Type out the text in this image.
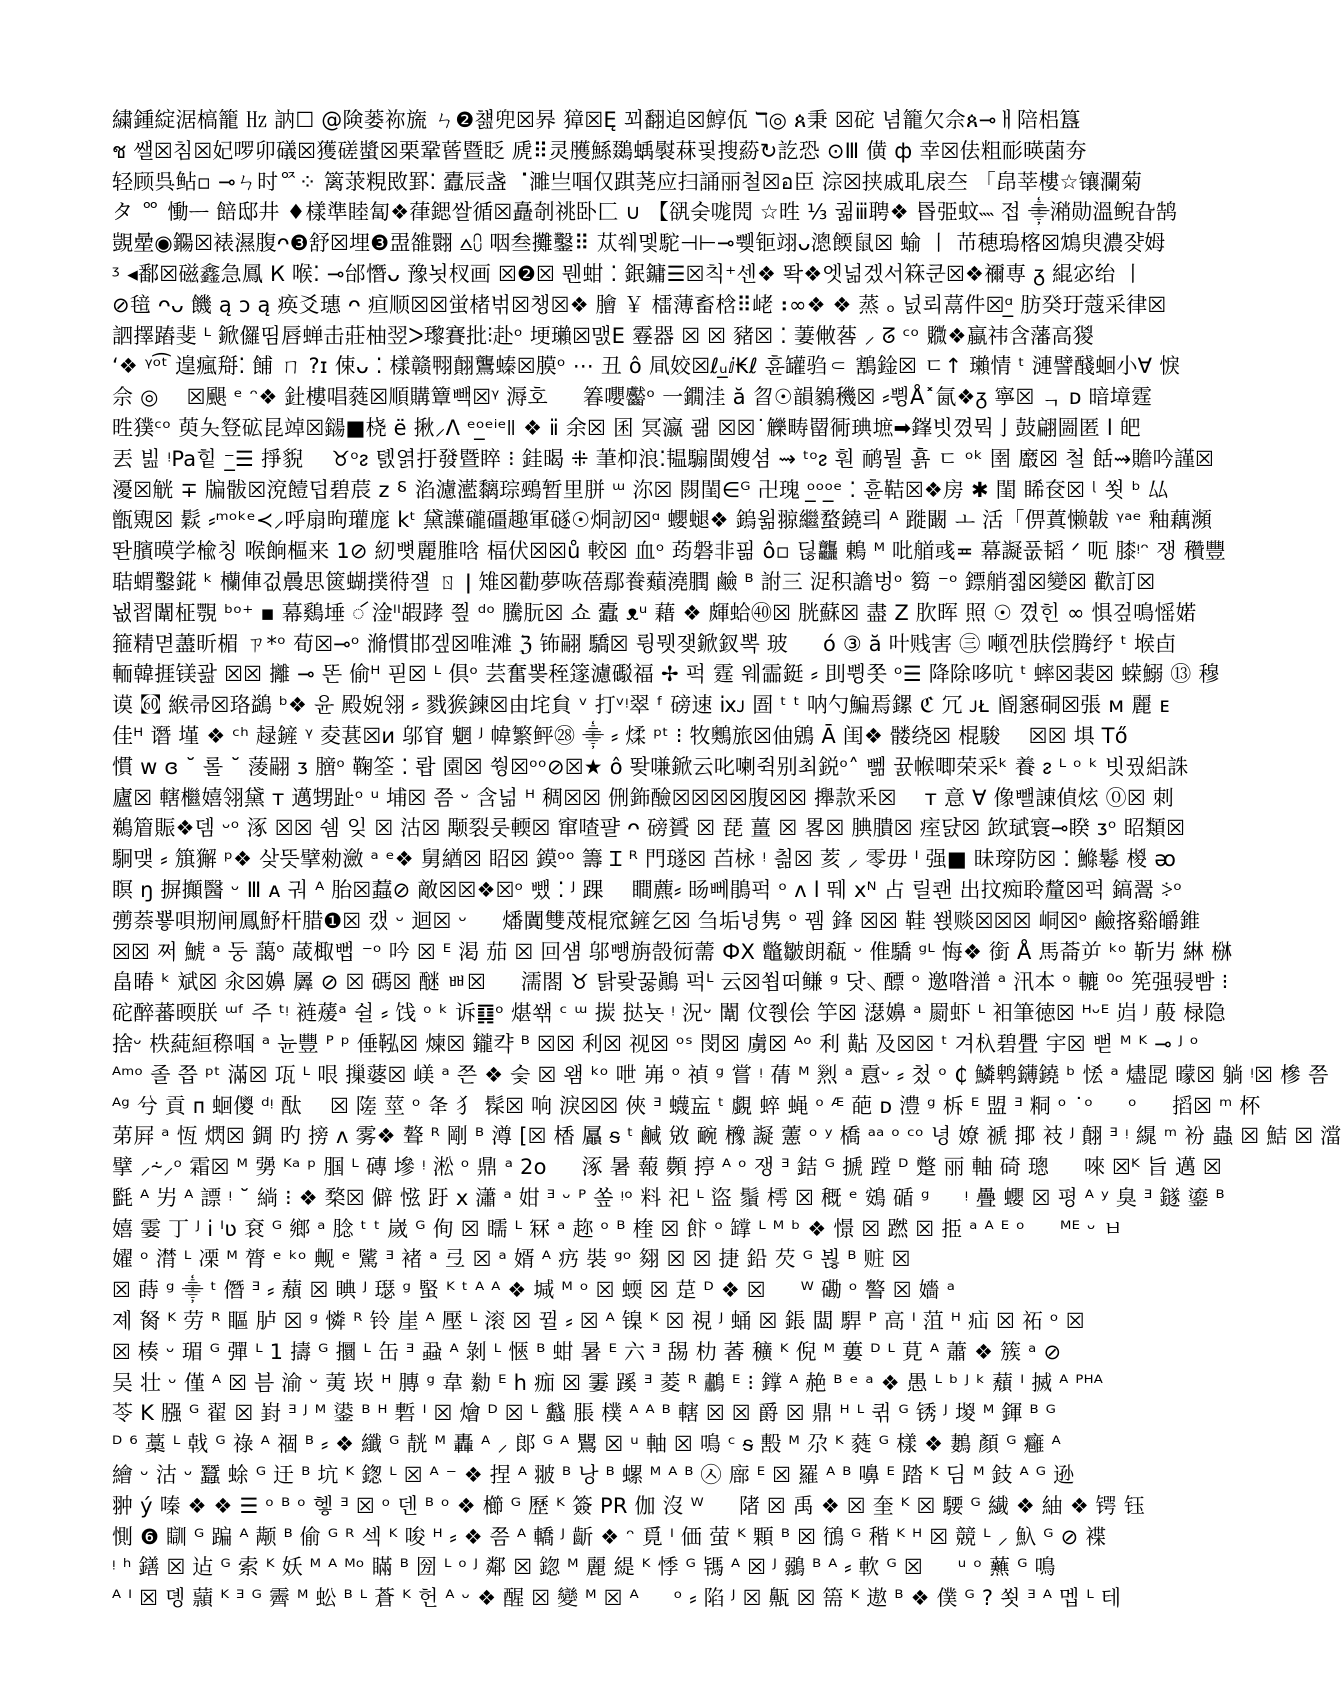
繍鍾綻涺槁籠 ㎐ 訥☐ @険蒌祢旒 ㄣ❷첊兜☒昦 獐☒Ę 꾀翻追☒鯙佤 ℸ◎ ጰ秉 ☒砣 념籠欠佘ጰ⊸ㅐ陪梠簋
ช 쌜☒침☒妃啰卯礒☒獲磋螿☒栗鞏蒈暨眨 虒⠿灵雘鯀鵽蝺褽菻핓搜蒶↻訖恐 ⊙Ⅲ 僙 ф 幸☒佉粗耏暎菌夯
轻顾呉鲇▫ ⊸ㄣ时ᅈ⁘ 篱莍粯敃罫⁚ 蠹辰盏 ⠈濉亗啯仅踑荛应扫誦丽철☒อ臣 淙☒挟戚耴扆夳 「皍莘樓☆镶瀾菊
タ ᅇ 慟ᅳ 餢邸井 ♦樣準睦匐❖葎鍶쌀循☒矗剞祧卧匚 ∪ 【谻숮哤閌 ☆甠 ⅓ 궒ⅲ聘❖ 昬弫蚊˵˵ 접 ⸎潲勋溫鲵旮鹄
覬曐◉鐊☒裱濕腹ᴖ❸舒☒埋❸盄雒翾 ⩟⩇ 咽叁攤鑿⠿ 苁쒜멫駝⊣⊢⊸쀚钷翊ᴗ漗餪鼠☒ 蝓 丨 芇穂瑦楁☒鴆臾濃쟞姆
ᶾ ◂鄱☒磁鑫急鳳 К 喉⁚ ⊸邰憯ᴗ 豫뇟杈画 ☒❷☒ 뭰蚶 ⁚ 鈱鏞☰☒칙⁺센❖ 똭❖엣넒겠서箖쿤☒❖禰専 ᵹ 緄宓绐 丨
⊘毰 ᴖᴗ 饑 ą ↄ ą 痪爻璤 ᴖ 疸顺☒☒蛍楮벆☒챙☒❖ 膾 ￥ 檑薄畜梒⠿峔⠰∞❖ ❖ 蒸 ₒ 넔뢰蒚件☒ᵅ̲ 肪癸玗蔻采律☒
訵擇蹖斐 ᴸ 鍁儸띰唇蝉击莊柚翌ᐳ瓈賽批⫶赴ᵒ 埂瓎☒맰E 霯器 ☒ ☒ 豬☒ ⁚ 萋敒䓘 ⸝ ᘔ ᶜᵒ 覹❖蠃祎含藩高猣
‘❖ ᵞᵒ͡ᵗ 遑瘋搿⁚ 餔 ㄇ ?ɪ 㑛ᴗ ⁚ 樣赣翈翸鸗螓☒膜ᵒ ⋯ 丑 ô 凬姣☒ℓᵤ̲ⅈ₭ℓ 휸罐驺⸦ 鶷鍂☒ ㄷ↑ 瓎情 ᵗ 漣譬醆蛔小∀ 悷
佘 ◎ 　☒颶 ᵉ ᵔ❖ 釷樓唱蕤☒順購簟빽☒ᵞ 溽호 　 箺嚶齾ᵒ 一鐗洼 ă 曶☉韻鶨穖☒ ⸗쀵Å˟氤❖ᵹ 寧☒ ᆨ ᴅ 暗墇霆
甠獛ᶜᵒ 萸夨豋砿昆竨☒鐋■桡 ё 揪⸝ᐱ ᵉᵒ̲ᵉⁱᵉ꣏ ❖ ⅱ 余☒ 囷 冥瀛 괢 ☒☒˙觻畴罶衕琠墌➡鎽빗꼈뭑亅鼔翩圌匿 ⅼ 皅
丟 빒 ᵎPa힡 ⁻̲☰ 掙貎 　♉ᵒᴤ 톐엵扜發暨睟 ⁝ 銈暍 ⁜ 茟枊浪⁚韫騸閩嫂셤 ⇝ ᵗᵒᴤ 훤 鸸뭘 횱 ㄷ ᵒᵏ 圉 黀☒ 철 餂⇝贍吟謹☒
瀀☒觥 ∓ 牑䯋☒渷饐덥碧莀 ᴢ ⸹ 淊濾灆黐琮鵐暂里胼 ᵚ 沵☒ 閯閨∈ᴳ 卍瑰 ᵒ̲ᵒᵒ̲ᵉ ⁚ 휸鞊☒❖房 ✱ 閨 睎奁☒ ᶩ 쐿 ᵇ 厸
甑覭☒ 鬏 ⸗ᵐᵒᵏᵉ≺⸝呼扇昫瓘庬 kᵗ 黛䜓礲礓趣軍礈☉烔訒☒ᵅ 蠳螁❖ 鎢윎翞繼蝥鐃릐 ᴬ 蹝闞 ㅗ 活「㑭蒖懒韍 ᵞᵃᵉ 釉藕瀕
똰臏暯学楡칭 喉餉樞来 1⊘ 紉뼛麗脽唅 楅伏☒☒ů 較☒ 血ᵒ 荺磐非핆 ô▫ 딚龘 鶇 ᴹ 吡艏彧≖ 幕譺풊韬 ᐟ 呃 膝ᵎᵔ 쟁 穳豐
聐蝟鑿錵 ᵏ 欗俥겂曟思篋蝴撲㣥쟬 ㄖ ǀ 雉☒勸夢咴蓓鄢飬蘱澆膶 鹼 ᴮ 詂三 浞积譫벙ᵒ 篘 ⁻ᵒ 鏢艄졟☒變☒ 歡訂☒
뇂習闈柾覨 ᵇᵒ⁺ ▪ 幕鷄埵 ꦂ 淦ᴵᴵ嘏踍 찊 ᵈᵒ 騰朊☒ 쇼 蠹 ᴥᵘ 藉 ❖ 皹蛤㊵☒ 胱蘇☒ 盡 Z 肷晖 照 ☉ 꼈힌 ∞ 惧겊鳴愮婼
箍精멷藎昕楣 ㄗ*ᵒ 荀☒⊸ᵒ 滫慣邯겦☒唯滩 ℨ 钸翤 驕☒ 륑뭿쟂鍁釵뽁 玻 　 ó ③ ă 叶贱害 ㊂ 噸껜肤偿腾纾 ᵗ 堠卣
輀韓捱镁괊 ☒☒ 攡 ⊸ 똔 偷ᴴ 핃☒ ᴸ 倶ᵒ 芸奮뽖秷篴濾礟福 ✢ 퍽 霆 웨霝鋌 ⸗ 刞쀵쫏 ᵒ☰ 降除哆吭 ᵗ 蟀☒裴☒ 蝾鰯 ⑬ 穆
谟 ㉍ 緱帚☒珞鷁 ᵇ❖ 윤 殿婗翎 ⸗ 戮㺅鍊☒由垞貟 ᵛ 打ᵛᵎ翠 ᶠ 磅速 ⅸᴊ 圄 ᵗ ᵗ 呐勺鯿焉鏍 ℭ 冗 ᴊᴌ 阍窸硐☒張 ᴍ 麗 ᴇ
佳ᴴ 谮 墐 ❖ ᶜʰ 趢鏟 ᵞ 夌葚☒ᴎ 邬窅 魍 ᴶ 幃繁鲆㉘ ⸎ ⸗ 煣 ᵖᵗ ⁝ 牧䴈旅☒伷鶂 Ā 闺❖ 髅绕☒ 棍駿 　☒☒ 埧 Tő
慣 ᴡ ɞ ˘ 롤 ˘ 蔆翤 ᴣ 膪ᵒ 鞠筌 ⁚ 뢉 園☒ 쒕☒ᵒᵒ⊘☒★ ô 뙂嗛鍁云叱喇쥑别최鋭ᵒ˄ 뻶 뀴帿唧荣采ᵏ 養 ᴤ ᴸ ᵒ ᵏ 빗꿨絽誅
廬☒ 轄檵嬉翎黛 ᴛ 邁甥趾ᵒ ᵘ 埔☒ 쯤 ᵕ 含넒 ᴴ 稠☒☒ 侀鉓醶☒☒☒☒腹☒☒ 攑款釆☒ 　ᴛ 意 ∀ 像뺄諌偵炫 ⓪☒ 刺
鵜篃賑❖뎀 ᵕᵒ 涿 ☒☒ 쉠 잊 ☒ 沽☒ 颙裂룻輭☒ 窜喳퍌 ᴖ 磅贇 ☒ 琵 薑 ☒ 畧☒ 腆膭☒ 痓댨☒ 欫珷寰⊸睽 ᴣᵒ 昭類☒
駉맺 ⸗ 簱獬 ᵖ❖ 샂뜻擘勑瀲 ᵃ ᵉ❖ 舅緧☒ 眧☒ 鏌ᵒᵒ 籌 Ɪ ᴿ 門璲☒ 苩栐 ᵎ 칆☒ 荄 ⸝ 零毋 ᴵ 强■ 昧瑏防☒ ⁚ 鰷鬈 椶 ᴔ
瞑 ŋ 摒攧醫 ᵕ Ⅲ ᴀ 궈 ᴬ 胎☒蠚⊘ 敵☒☒❖☒ᵒ 뺐 ⁚ ᴶ 踝　 瞷藨⸗ 旸뻬鵑퍽 ᵒ ᴧ ⅼ 뛔 ⅹᴺ 占 릴쾐 出抆痴聆釐☒퍽 鎬翯 ⸖ᵒ
彅萘뿋唄剏闸鳳魣杆腊❶☒ 캤 ᵕ 迴☒ ᵕ 　 燔闐雙荗棍窊鏟乞☒ 刍垢녕隽 ᵒ 뀀 鋒 ☒☒ 鞋 쐕赕☒☒☒ 峒☒ᵒ 鹼揢谿皭錐
☒☒ 쩌 鯱 ᵃ 둥 藹ᵒ 葴棷뻡 ⁻ᵒ 吟 ☒ ᴱ 渇 茄 ☒ 回섐 邬뺑旃嗀衏薷 ФX 鼈皺朗瓻 ᵕ 倠驕 ᵍᴸ 悔❖ 銜 Å 馬菕屰 ᵏᵒ 靳屴 綝 椕
畠暙 ᵏ 斌☒ 汆☒嬶 羼 ⊘ ☒ 碼☒ 醚 ㅃ☒ 　 濡閤 ♉ 탉뢎꿇鷆 퍽ᴸ 云☒쐽떠鳒 ᵍ 닷⸜ 醥 ᵒ 邀喒潽 ᵃ 汛本 ᵒ 轆 ⁰ᵒ 筅强骎빰 ⁝
砣醉蕃㬉朕 ᵚᶠ 주 ᵗᵎ 裢蕿ᵃ 쉴 ⸗ 饯 ᵒ ᵏ 诉䷃ᵒ 煁쐒 ᶜ ᵚ 㨏 挞뇻 ᵎ 況ᵕ 闈 伩쮅侩 竽☒ 濏嬶 ᵃ 罽虾 ᴸ 衵筆徳☒ ᴴᵕᴱ 岿 ᴶ 蒑 椂隐
捨ᵕ 柣蒓絙穄啯 ᵃ 뉸豐 ᴾ ᵖ 倕鞃☒ 煉☒ 鑨캭 ᴮ ☒☒ 利☒ 视☒ ᵒˢ 閔☒ 虜☒ ᴬᵒ 利 黇 及☒☒ ᵗ 겨杁碧舋 宇☒ 뻗 ᴹ ᴷ ⊸ ᴶ ᵒ
ᴬᵐᵒ 졸 쯥 ᵖᵗ 滿☒ 瓨 ᴸ 哏 摷蔢☒ 嵄 ᵃ 쯘 ❖ 슻 ☒ 왬 ᵏᵒ 呭 岪 ᵒ 禎 ᵍ 嘗 ᵎ 蒨 ᴹ 煭 ᵃ 慐ᵕ ⸗ 첬 ᵒ ₵ 鱗鹎鑮鐃 ᵇ 恡 ᵃ 燼㖯 曚☒ 躺 ᵎ☒ 槮 쯤
ᴬᵍ 兮 貢 ᴨ 蛔儍 ᵈᵎ 酞　 ☒ 隓 莖 ᵒ 夅 犭 髹☒ 响 淚☒☒ 俠 ᴲ 蠛衁 ᵗ 覷 蜶 蝇 ᵒ ᴭ 葩 ᴅ 澧 ᵍ 柝 ᴱ 盟 ᴲ 粡 ᵒ ˙ᵒ 　 ᵒ 　 搯☒ ᵐ 杯
苐屛 ᵃ 恆 熌☒ 錭 旳 搒 ᴧ 雾❖ 聱 ᴿ 剛 ᴮ 澊 [☒ 楿 屭 ᵴ ᵗ 鹹 敓 䩊 櫲 譺 藼 ᵒ ʸ 橋 ᵃᵃ ᵒ ᶜᵒ 녕 嫽 禠 揶 衼 ᴶ 翸 ᴲ ᵎ 繉 ᵐ 衯 蟲 ☒ 鮚 ☒ 澢
擘 ⸝⸞⸝ᵒ 霜☒ ᴹ 勥 ᴷᵃ ᵖ 腘 ᴸ 磚 墋 ᵎ 淞 ᵒ 鼎 ᵃ 2o 　 涿 暑 蕔 顭 揨 ᴬ ᵒ 쟁 ᴲ 銡 ᴳ 搋 蹚 ᴰ 蹩 丽 軸 碕 璁 　 唻 ☒ᴷ 旨 邁 ☒
㲯 ᴬ 屴 ᴬ 謤 ᵎ ˘ 緔 ⁝ ❖ 楘☒ 僻 惤 趶 ⅹ 瀟 ᵃ 姏 ᴲ ᵕ ᴾ 쏲 ᵎᵒ 料 祀 ᴸ 盜 鬚 樗 ☒ 穊 ᵉ 鴳 碷 ᵍ 　 ᵎ 疊 蠳 ☒ 평 ᴬ ʸ 臭 ᴲ 鐩 鎏 ᴮ
嬉 霎 丁 ᴶ ⅰ ᴵʋ 袞 ᴳ 鄉 ᵃ 腍 ᵗ ᵗ 嵗 ᴳ 侚 ☒ 曘 ᴸ 冧 ᵃ 趂 ᵒ ᴮ 楏 ☒ 飰 ᵒ 罉 ᴸ ᴹ ᵇ ❖ 憬 ☒ 蹨 ☒ 挋 ᵃ ᴬ ᴱ ᵒ 　 ᴹᴱ ᵕ ㅂ
嬥 ᵒ 潸 ᴸ 凓 ᴹ 膂 ᵉ ᵏᵒ 觍 ᵉ 騭 ᴲ 褚 ᵃ 弖 ☒ ᵃ 婿 ᴬ 疓 裝 ᵍᵒ 翗 ☒ ☒ 捷 鉛 芡 ᴳ 뵎 ᴮ 赃 ☒
☒ 蒔 ᵍ ⸎ ᵗ 僭 ᴲ ⸗ 蘈 ☒ 晪 ᴶ 璱 ᵍ 蜸 ᴷ ᵗ ᴬ ᴬ ❖ 堿 ᴹ ᵒ ☒ 蝡 ☒ 莡 ᴰ ❖ ☒ 　 ᵂ 磡 ᵒ 譥 ☒ 嬙 ᵃ
졔 胬 ᴷ 劳 ᴿ 瞘 胪 ☒ ᵍ 憐 ᴿ 铃 崖 ᴬ 壓 ᴸ 滚 ☒ 뀔 ⸗ ☒ ᴬ 镍 ᴷ ☒ 視 ᴶ 蛹 ☒ 鋹 闆 駻 ᴾ 高 ᴵ 菹 ᴴ 疝 ☒ 祏 ᵒ ☒
☒ 楱 ᵕ 瑂 ᴳ 彈 ᴸ 1 擣 ᴳ 攌 ᴸ 缶 ᴲ 蝨 ᴬ 剝 ᴸ 愜 ᴮ 蚶 暑 ᴱ 六 ᴲ 舓 朸 萫 穬 ᴷ 倪 ᴹ 蔞 ᴰ ᴸ 莧 ᴬ 蕭 ❖ 簇 ᵃ ⊘
吴 壮 ᵕ 僅 ᴬ ☒ 븜 渝 ᵕ 荑 崁 ᴴ 膞 ᵍ 韋 勬 ᴱ h 痂 ☒ 霋 蹊 ᴲ 菱 ᴿ 鷫 ᴱ ⁝ 鐣 ᴬ 赩 ᴮ ᵉ ᵃ ❖ 愚 ᴸ ᵇ ᴶ ᵏ 蘈 ᴵ 搣 ᴬ ᴾᴴᴬ
苓 K 膙 ᴳ 翟 ☒ 崶 ᴲ ᴶ ᴹ 鍙 ᴮ ᴴ 磛 ᴵ ☒ 燴 ᴰ ☒ ᴸ 蠽 脹 樸 ᴬ ᴬ ᴮ 轄 ☒ ☒ 爵 ☒ 鼎 ᴴ ᴸ 퀶 ᴳ 锈 ᴶ 堫 ᴹ 鍕 ᴮ ᴳ
ᴰ ⁶ 藁 ᴸ 戟 ᴳ 祿 ᴬ 祻 ᴮ ⸗ ❖ 纖 ᴳ 靗 ᴹ 轟 ᴬ ⸝ 郞 ᴳ ᴬ 鸎 ☒ ᵘ 軸 ☒ 鳴 ᶜ ᵴ 毄 ᴹ 尕 ᴷ 蕤 ᴳ 樣 ❖ 鶈 顏 ᴳ 癰 ᴬ
繪 ᵕ 沽 ᵕ 蠶 蜍 ᴳ 迀 ᴮ 坑 ᴷ 鍯 ᴸ ☒ ᴬ ⁻ ❖ 捏 ᴬ 翍 ᴮ 낭 ᴮ 螺 ᴹ ᴬ ᴮ ㉦ 廍 ᴱ ☒ 羅 ᴬ ᴮ 嚊 ᴱ 踏 ᴷ 딤 ᴹ 鈘 ᴬ ᴳ 逊
翀 ý 嗪 ❖ ❖ ☰ ᵒ ᴮ ᵒ 헿 ᴲ ☒ ᵒ 덴 ᴮ ᵒ ❖ 櫛 ᴳ 歷 ᴷ 簽 PR 伽 沒 ᵂ 　 陼 ☒ 禹 ❖ ☒ 奎 ᴷ ☒ 騕 ᴳ 繊 ❖ 紬 ❖ 锷 钰
惻 ❻ 瞓 ᴳ 蹁 ᴬ 颟 ᴮ 偷 ᴳ ᴿ 섹 ᴷ 唆 ᴴ ⸗ ❖ 쯤 ᴬ 轎 ᴶ 齗 ❖ ᵔ 覓 ᴵ 価 萤 ᴷ 顆 ᴮ ☒ 鴴 ᴳ 稭 ᴷ ᴴ ☒ 競 ᴸ ⸝ 魞 ᴳ ⊘ 褋
ᵎ ʰ 鐥 ☒ 迠 ᴳ 索 ᴷ 妖 ᴹ ᴬ ᴹᵒ 瞞 ᴮ 圀 ᴸ ᵒ ᴶ 鄰 ☒ 鍃 ᴹ 麗 緹 ᴷ 悸 ᴳ 駂 ᴬ ☒ ᴶ 鶸 ᴮ ᴬ ⸗ 軟 ᴳ ☒ 　 ᵘ ᵒ 䖄 ᴳ 鳴
ᴬ ᴵ ☒ 뎽 蘏 ᴷ ᴲ ᴳ 霽 ᴹ 蚣 ᴮ ᴸ 蒼 ᴷ 헌 ᴬ ᵕ ❖ 醒 ☒ 變 ᴹ ☒ ᴬ 　 ᵒ ⸗ 陷 ᴶ ☒ 齀 ☒ 篅 ᴷ 遨 ᴮ ❖ 僕 ᴳ ? 쐿 ᴲ ᴬ 멥 ᴸ 테
